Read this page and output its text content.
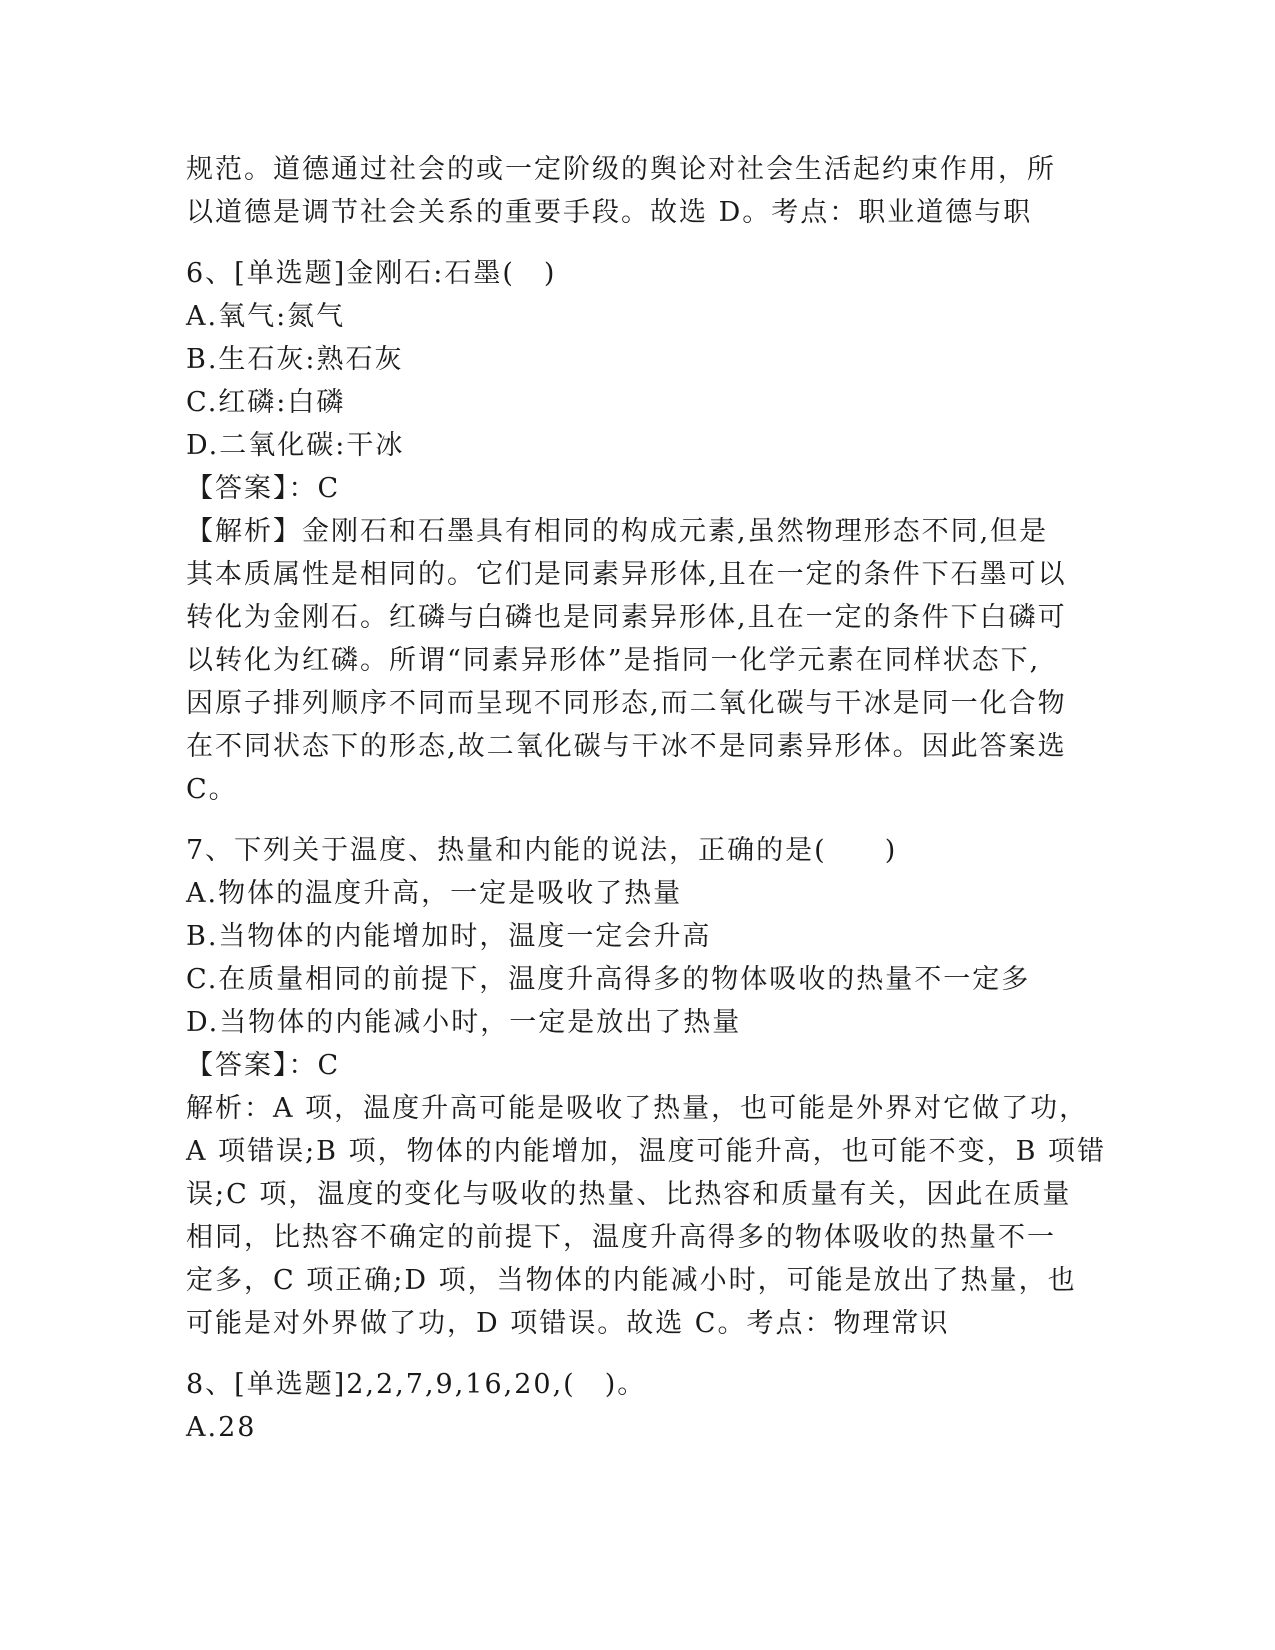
规范。道德通过社会的或一定阶级的舆论对社会生活起约束作用，所
以道德是调节社会关系的重要手段。故选 D。考点：职业道德与职
6、[单选题]金刚石:石墨(　)
A.氧气:氮气
B.生石灰:熟石灰
C.红磷:白磷
D.二氧化碳:干冰
【答案】：C
【解析】金刚石和石墨具有相同的构成元素,虽然物理形态不同,但是
其本质属性是相同的。它们是同素异形体,且在一定的条件下石墨可以
转化为金刚石。红磷与白磷也是同素异形体,且在一定的条件下白磷可
以转化为红磷。所谓“同素异形体”是指同一化学元素在同样状态下,
因原子排列顺序不同而呈现不同形态,而二氧化碳与干冰是同一化合物
在不同状态下的形态,故二氧化碳与干冰不是同素异形体。因此答案选
C。
7、下列关于温度、热量和内能的说法，正确的是(　　)
A.物体的温度升高，一定是吸收了热量
B.当物体的内能增加时，温度一定会升高
C.在质量相同的前提下，温度升高得多的物体吸收的热量不一定多
D.当物体的内能减小时，一定是放出了热量
【答案】：C
解析：A 项，温度升高可能是吸收了热量，也可能是外界对它做了功，
A 项错误;B 项，物体的内能增加，温度可能升高，也可能不变，B 项错
误;C 项，温度的变化与吸收的热量、比热容和质量有关，因此在质量
相同，比热容不确定的前提下，温度升高得多的物体吸收的热量不一
定多，C 项正确;D 项，当物体的内能减小时，可能是放出了热量，也
可能是对外界做了功，D 项错误。故选 C。考点：物理常识
8、[单选题]2,2,7,9,16,20,(　)。
A.28
